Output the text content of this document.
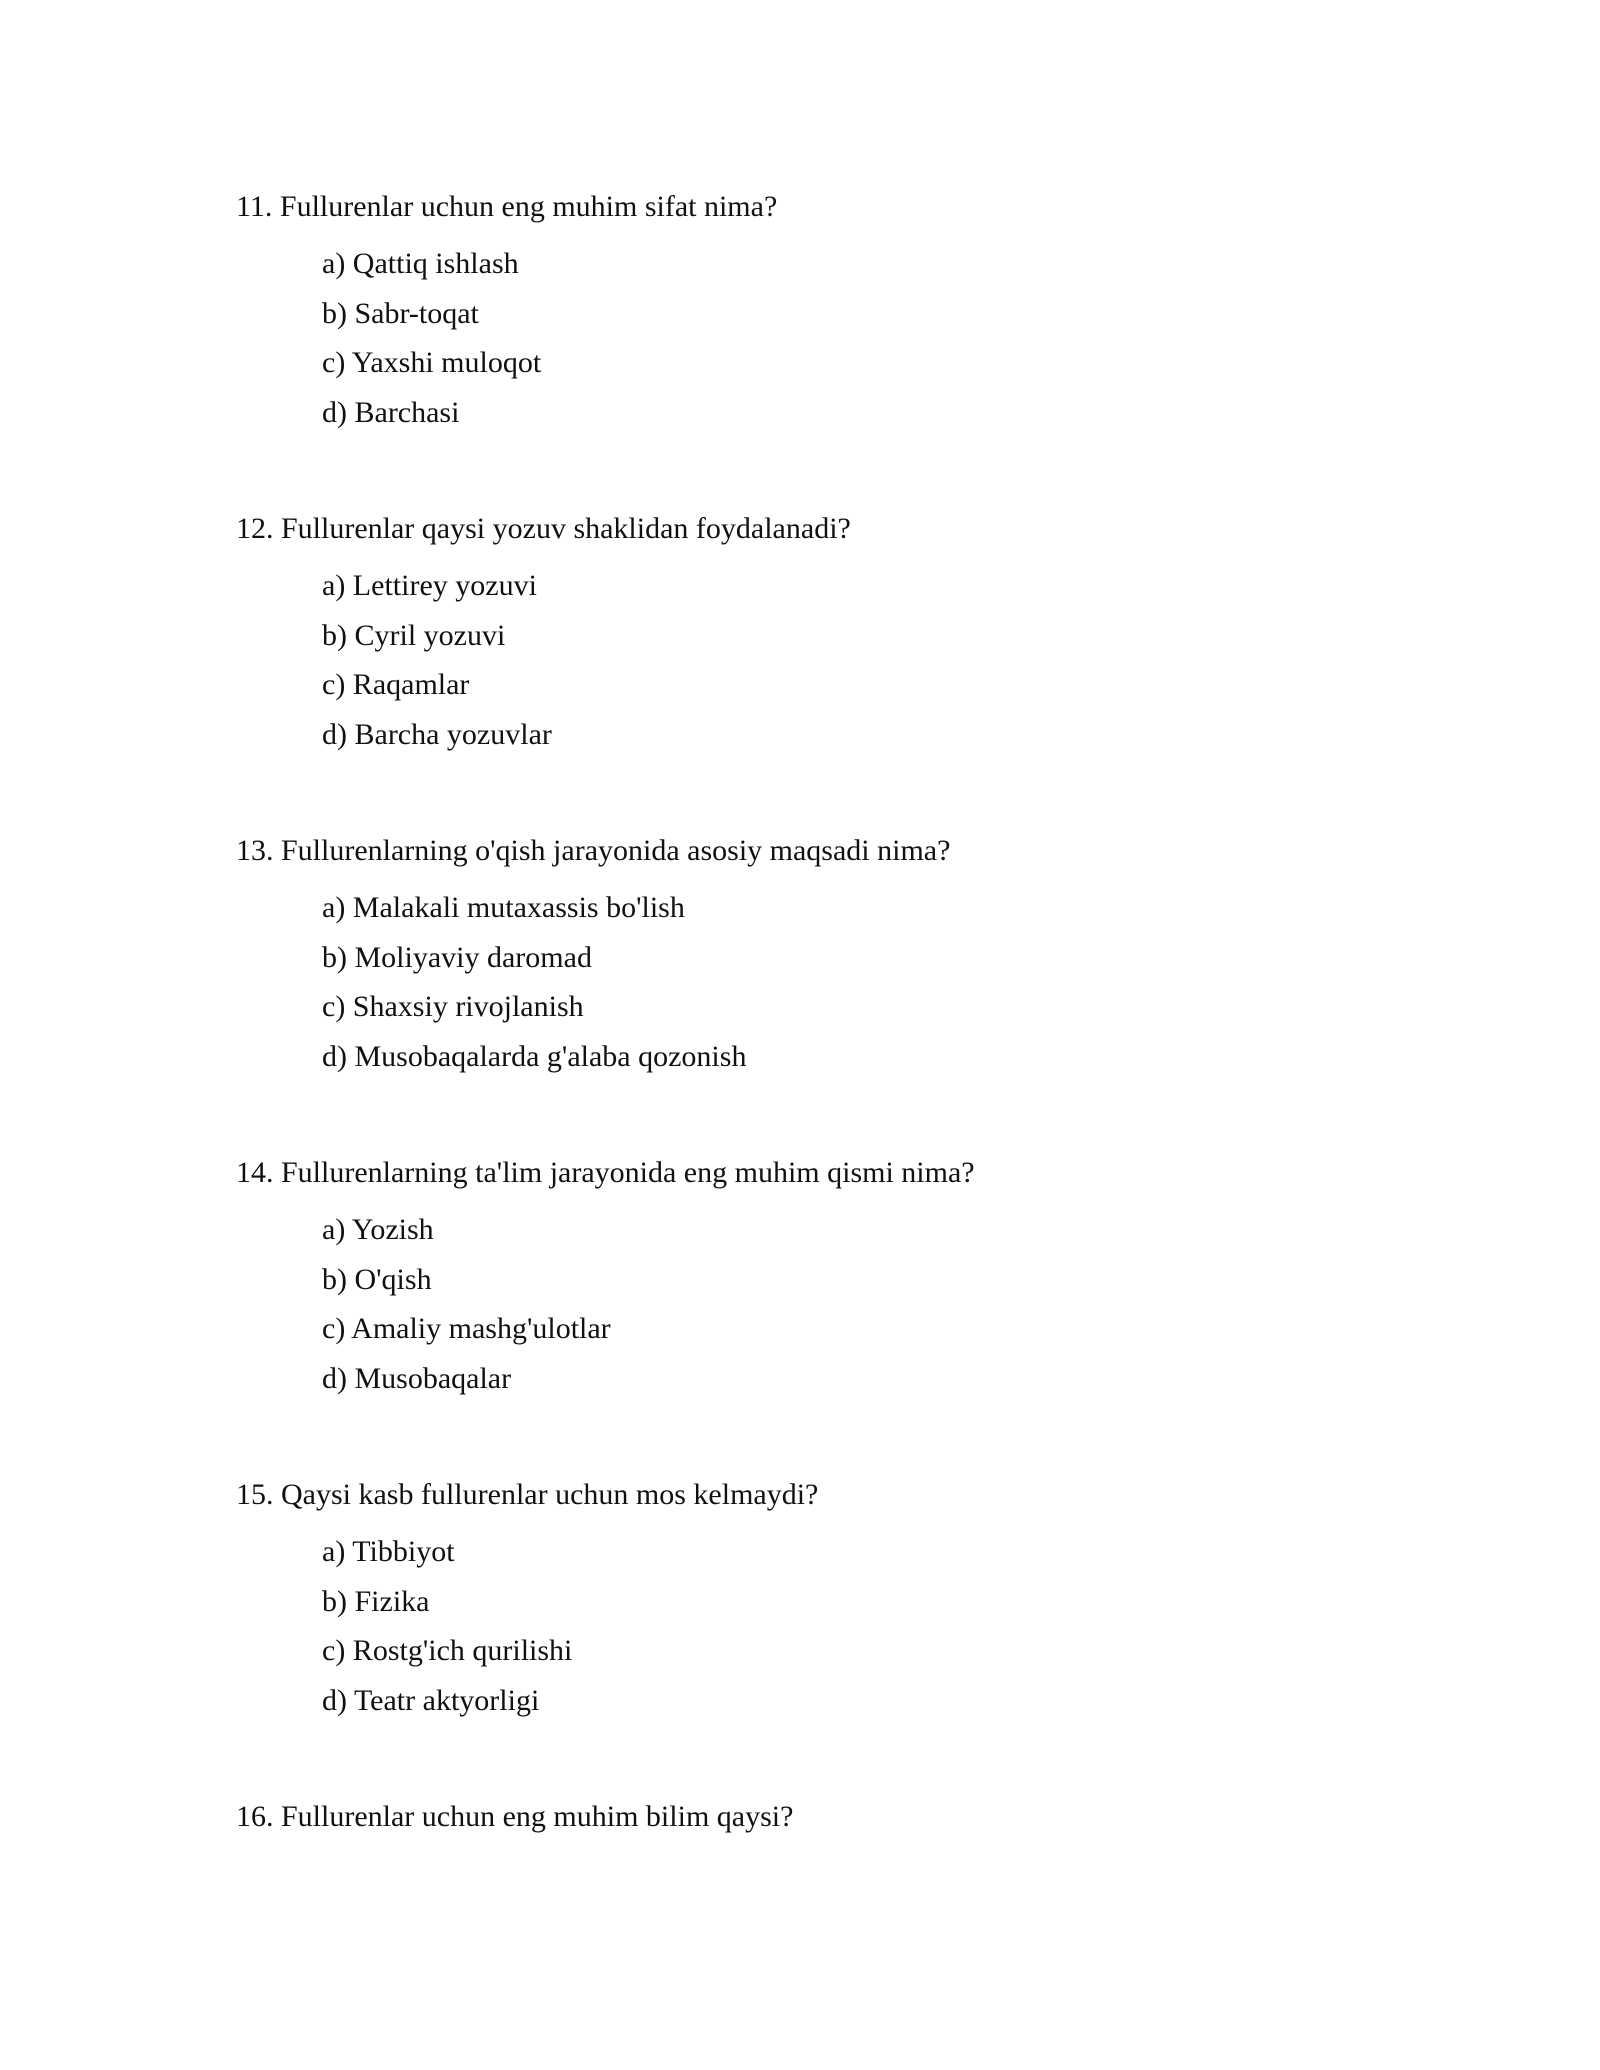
11. Fullurenlar uchun eng muhim sifat nima?

a) Qattiq ishlash
b) Sabr-toqat
c) Yaxshi muloqot
d) Barchasi

12. Fullurenlar qaysi yozuv shaklidan foydalanadi?

a) Lettirey yozuvi
b) Cyril yozuvi
c) Raqamlar
d) Barcha yozuvlar

13. Fullurenlarning o'qish jarayonida asosiy maqsadi nima?

a) Malakali mutaxassis bo'lish
b) Moliyaviy daromad
c) Shaxsiy rivojlanish
d) Musobaqalarda g'alaba qozonish

14. Fullurenlarning ta'lim jarayonida eng muhim qismi nima?

a) Yozish
b) O'qish
c) Amaliy mashg'ulotlar
d) Musobaqalar

15. Qaysi kasb fullurenlar uchun mos kelmaydi?

a) Tibbiyot
b) Fizika
c) Rostg'ich qurilishi
d) Teatr aktyorligi

16. Fullurenlar uchun eng muhim bilim qaysi?
